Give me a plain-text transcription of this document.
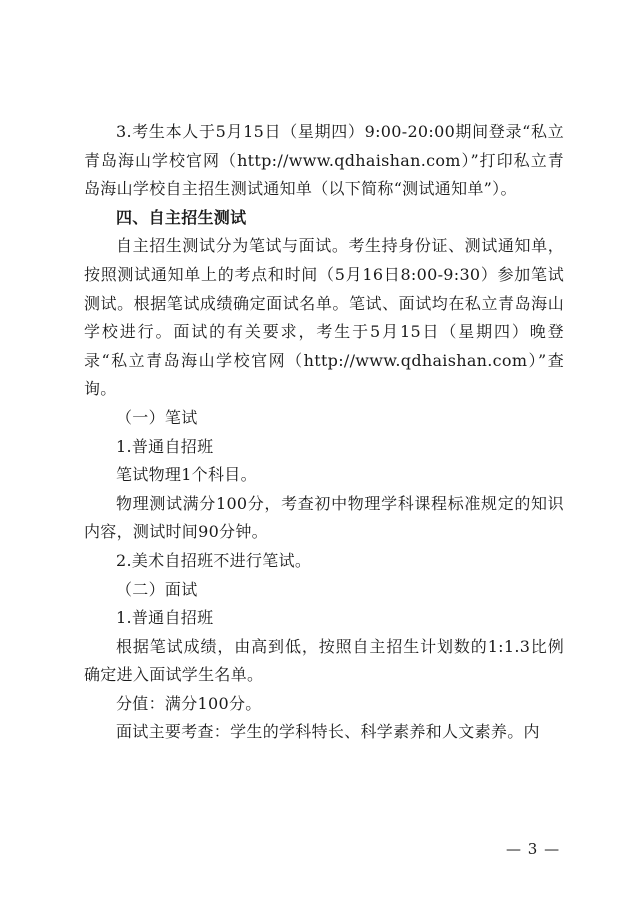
3.考生本人于5月15日（星期四）9:00-20:00期间登录“私立青岛海山学校官网（http://www.qdhaishan.com）”打印私立青岛海山学校自主招生测试通知单（以下简称“测试通知单”）。

四、自主招生测试

自主招生测试分为笔试与面试。考生持身份证、测试通知单，按照测试通知单上的考点和时间（5月16日8:00-9:30）参加笔试测试。根据笔试成绩确定面试名单。笔试、面试均在私立青岛海山学校进行。面试的有关要求，考生于5月15日（星期四）晚登录“私立青岛海山学校官网（http://www.qdhaishan.com）”查询。

（一）笔试

1.普通自招班

笔试物理1个科目。

物理测试满分100分，考查初中物理学科课程标准规定的知识内容，测试时间90分钟。

2.美术自招班不进行笔试。

（二）面试

1.普通自招班

根据笔试成绩，由高到低，按照自主招生计划数的1:1.3比例确定进入面试学生名单。

分值：满分100分。

面试主要考查：学生的学科特长、科学素养和人文素养。内

— 3 —
